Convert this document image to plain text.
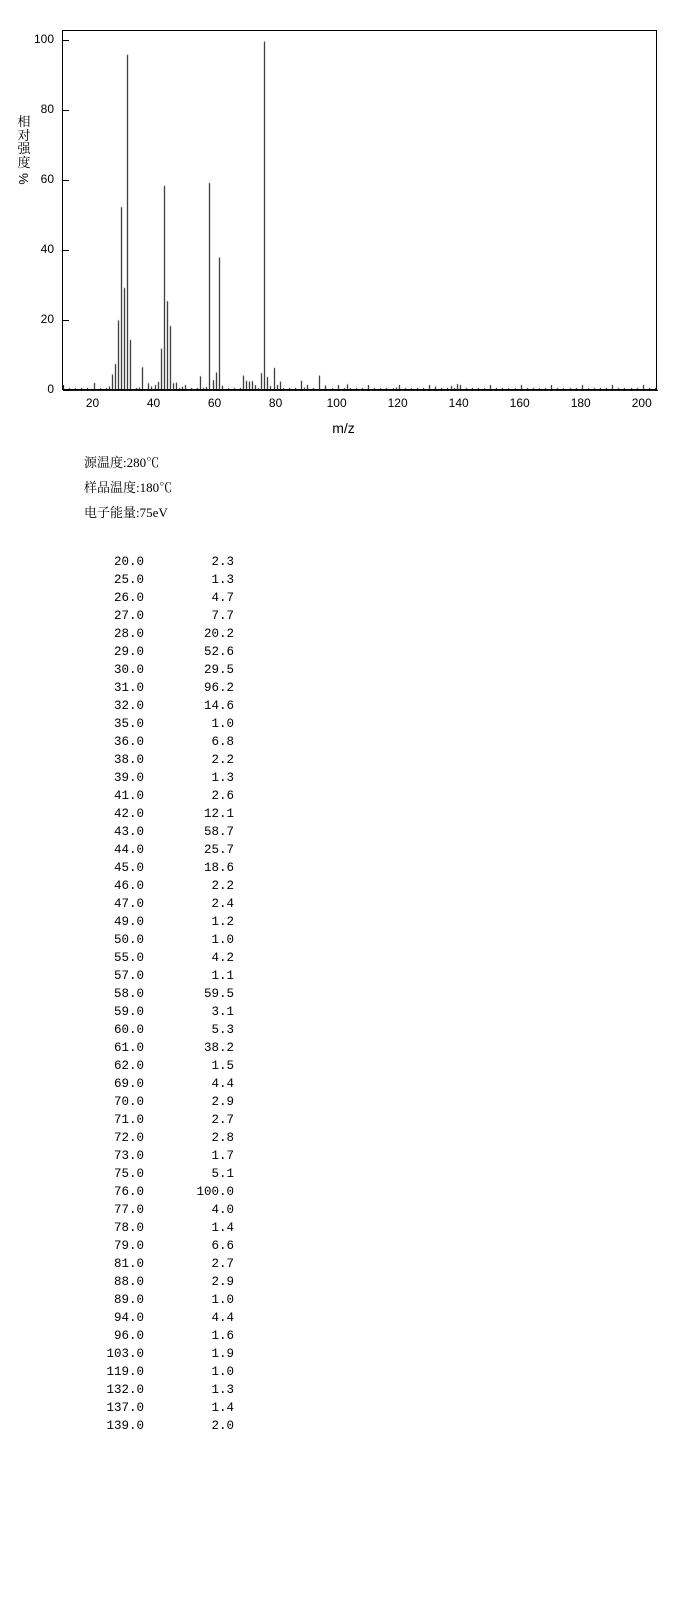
相对强度
%
0
20
40
60
80
100
20	40	60	80	100	120	140	160	180	200
m/z
源温度:280℃
样品温度:180℃
电子能量:75eV
20.0	2.3
25.0	1.3
26.0	4.7
27.0	7.7
28.0	20.2
29.0	52.6
30.0	29.5
31.0	96.2
32.0	14.6
35.0	1.0
36.0	6.8
38.0	2.2
39.0	1.3
41.0	2.6
42.0	12.1
43.0	58.7
44.0	25.7
45.0	18.6
46.0	2.2
47.0	2.4
49.0	1.2
50.0	1.0
55.0	4.2
57.0	1.1
58.0	59.5
59.0	3.1
60.0	5.3
61.0	38.2
62.0	1.5
69.0	4.4
70.0	2.9
71.0	2.7
72.0	2.8
73.0	1.7
75.0	5.1
76.0	100.0
77.0	4.0
78.0	1.4
79.0	6.6
81.0	2.7
88.0	2.9
89.0	1.0
94.0	4.4
96.0	1.6
103.0	1.9
119.0	1.0
132.0	1.3
137.0	1.4
139.0	2.0
